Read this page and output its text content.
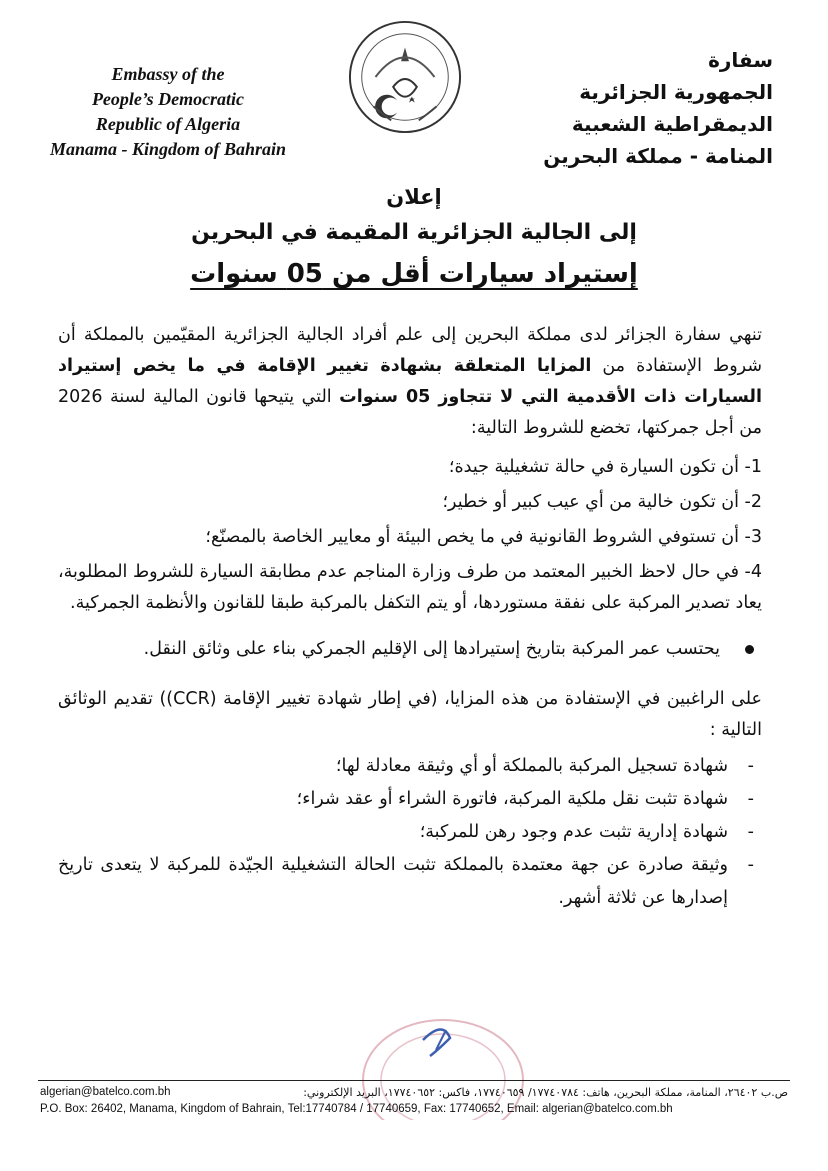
Embassy of the
People’s Democratic
Republic of Algeria
Manama - Kingdom of Bahrain
سفارة
الجمهورية الجزائرية
الديمقراطية الشعبية
المنامة - مملكة البحرين
إعلان
إلى الجالية الجزائرية المقيمة في البحرين
إستيراد سيارات أقل من 05 سنوات

تنهي سفارة الجزائر لدى مملكة البحرين إلى علم أفراد الجالية الجزائرية المقيّمين بالمملكة أن شروط الإستفادة من المزايا المتعلقة بشهادة تغيير الإقامة في ما يخص إستيراد السيارات ذات الأقدمية التي لا تتجاوز 05 سنوات التي يتيحها قانون المالية لسنة 2026 من أجل جمركتها، تخضع للشروط التالية:

1- أن تكون السيارة في حالة تشغيلية جيدة؛

2- أن تكون خالية من أي عيب كبير أو خطير؛

3- أن تستوفي الشروط القانونية في ما يخص البيئة أو معايير الخاصة بالمصنّع؛

4- في حال لاحظ الخبير المعتمد من طرف وزارة المناجم عدم مطابقة السيارة للشروط المطلوبة، يعاد تصدير المركبة على نفقة مستوردها، أو يتم التكفل بالمركبة طبقا للقانون والأنظمة الجمركية.

يحتسب عمر المركبة بتاريخ إستيرادها إلى الإقليم الجمركي بناء على وثائق النقل.

على الراغبين في الإستفادة من هذه المزايا، (في إطار شهادة تغيير الإقامة (CCR)) تقديم الوثائق التالية :

-
شهادة تسجيل المركبة بالمملكة أو أي وثيقة معادلة لها؛
-
شهادة تثبت نقل ملكية المركبة، فاتورة الشراء أو عقد شراء؛
-
شهادة إدارية تثبت عدم وجود رهن للمركبة؛
-
وثيقة صادرة عن جهة معتمدة بالمملكة تثبت الحالة التشغيلية الجيّدة للمركبة لا يتعدى تاريخ إصدارها عن ثلاثة أشهر.
algerian@batelco.com.bh	ص.ب ٢٦٤٠٢، المنامة، مملكة البحرين، هاتف: ١٧٧٤٠٧٨٤/ ١٧٧٤٠٦٥٩، فاكس: ١٧٧٤٠٦٥٢، البريد الإلكتروني:
P.O. Box: 26402, Manama, Kingdom of Bahrain, Tel:17740784 / 17740659, Fax: 17740652, Email: algerian@batelco.com.bh
